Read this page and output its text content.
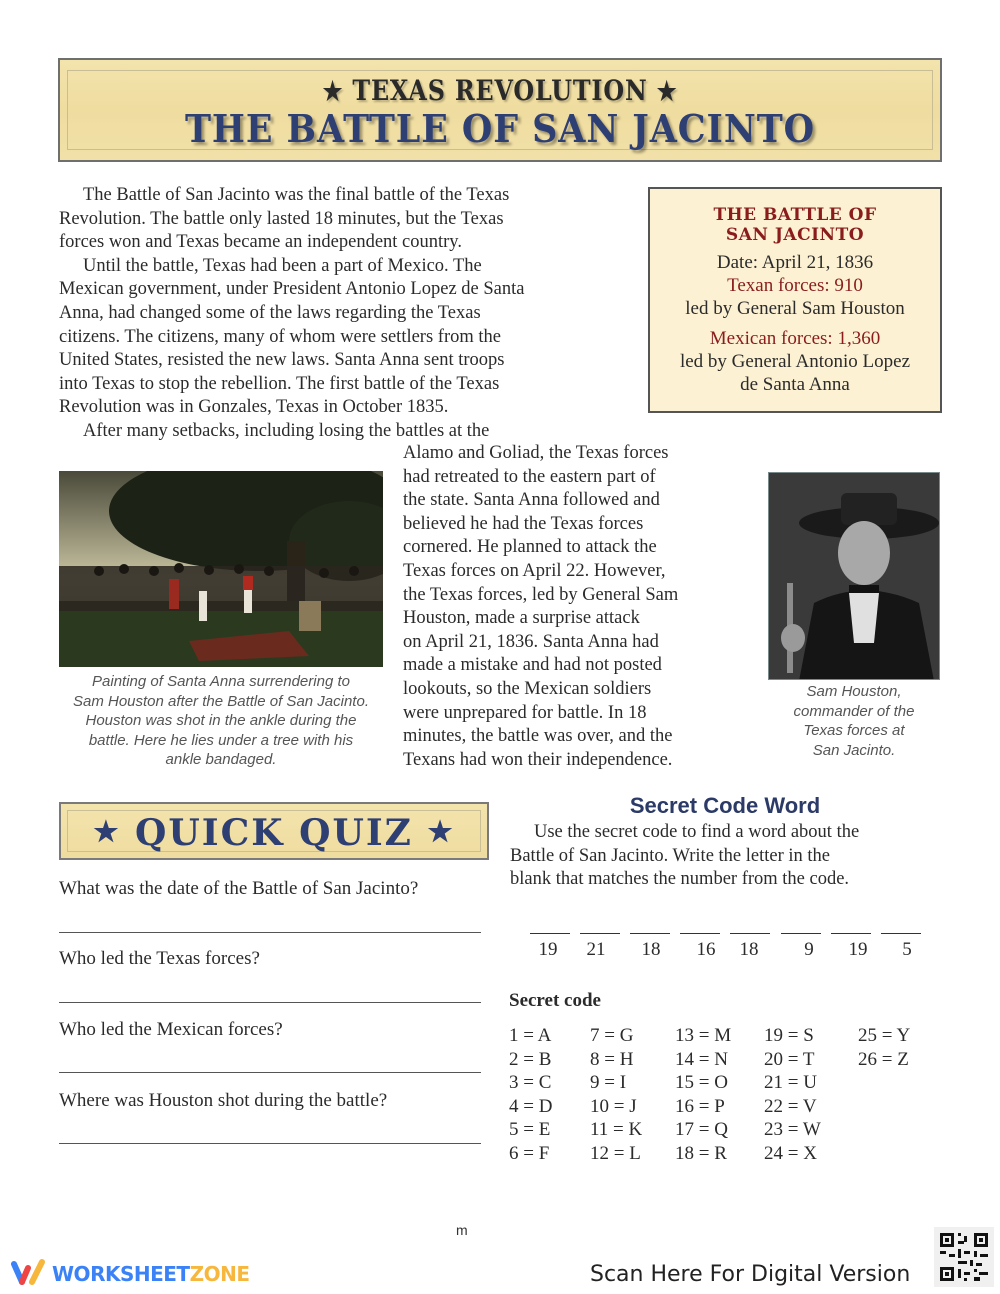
★ TEXAS REVOLUTION ★
THE BATTLE OF SAN JACINTO
The Battle of San Jacinto was the final battle of the Texas
Revolution. The battle only lasted 18 minutes, but the Texas
forces won and Texas became an independent country.
Until the battle, Texas had been a part of Mexico. The
Mexican government, under President Antonio Lopez de Santa
Anna, had changed some of the laws regarding the Texas
citizens. The citizens, many of whom were settlers from the
United States, resisted the new laws. Santa Anna sent troops
into Texas to stop the rebellion. The first battle of the Texas
Revolution was in Gonzales, Texas in October 1835.
After many setbacks, including losing the battles at the
THE BATTLE OF
SAN JACINTO
Date: April 21, 1836
Texan forces: 910
led by General Sam Houston
Mexican forces: 1,360
led by General Antonio Lopez
de Santa Anna
Painting of Santa Anna surrendering to
Sam Houston after the Battle of San Jacinto.
Houston was shot in the ankle during the
battle. Here he lies under a tree with his
ankle bandaged.
Alamo and Goliad, the Texas forces
had retreated to the eastern part of
the state. Santa Anna followed and
believed he had the Texas forces
cornered. He planned to attack the
Texas forces on April 22. However,
the Texas forces, led by General Sam
Houston, made a surprise attack
on April 21, 1836. Santa Anna had
made a mistake and had not posted
lookouts, so the Mexican soldiers
were unprepared for battle. In 18
minutes, the battle was over, and the
Texans had won their independence.
Sam Houston,
commander of the
Texas forces at
San Jacinto.
★ QUICK QUIZ ★
What was the date of the Battle of San Jacinto?
Who led the Texas forces?
Who led the Mexican forces?
Where was Houston shot during the battle?
Secret Code Word
Use the secret code to find a word about the
Battle of San Jacinto. Write the letter in the
blank that matches the number from the code.
19	21	18	16	18	9	19	5
Secret code
1 = A
2 = B
3 = C
4 = D
5 = E
6 = F
7 = G
8 = H
9 = I
10 = J
11 = K
12 = L
13 = M
14 = N
15 = O
16 = P
17 = Q
18 = R
19 = S
20 = T
21 = U
22 = V
23 = W
24 = X
25 = Y
26 = Z
m
WORKSHEETZONE	Scan Here For Digital Version
